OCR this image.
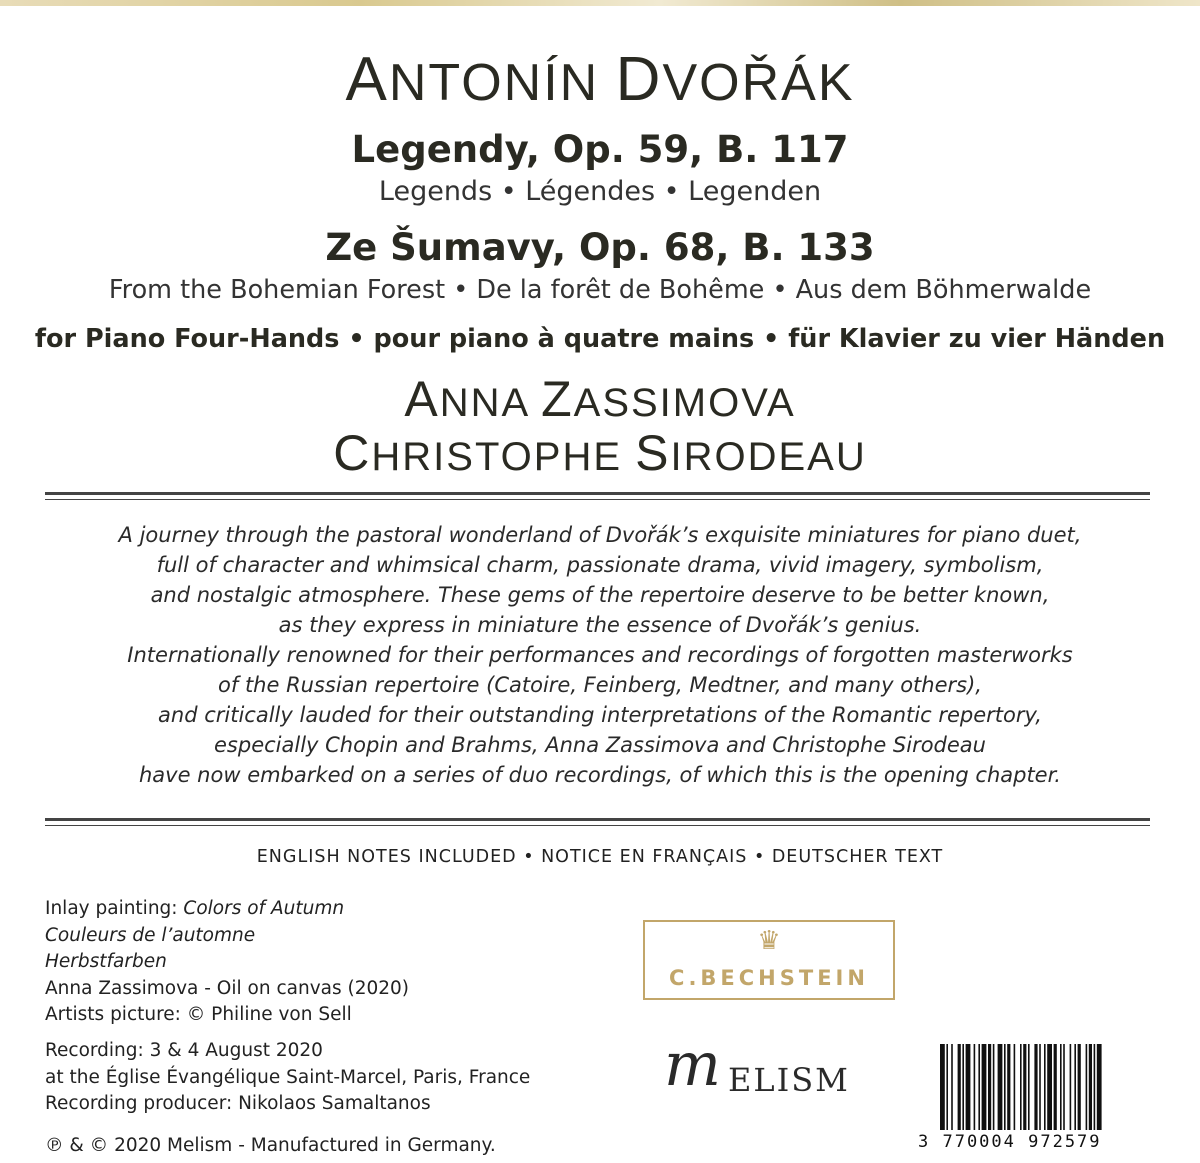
ANTONÍN DVOŘÁK
Legendy, Op. 59, B. 117
Legends • Légendes • Legenden
Ze Šumavy, Op. 68, B. 133
From the Bohemian Forest • De la forêt de Bohême • Aus dem Böhmerwalde
for Piano Four-Hands • pour piano à quatre mains • für Klavier zu vier Händen
ANNA ZASSIMOVA
CHRISTOPHE SIRODEAU
A journey through the pastoral wonderland of Dvořák’s exquisite miniatures for piano duet,
full of character and whimsical charm, passionate drama, vivid imagery, symbolism,
and nostalgic atmosphere. These gems of the repertoire deserve to be better known,
as they express in miniature the essence of Dvořák’s genius.
Internationally renowned for their performances and recordings of forgotten masterworks
of the Russian repertoire (Catoire, Feinberg, Medtner, and many others),
and critically lauded for their outstanding interpretations of the Romantic repertory,
especially Chopin and Brahms, Anna Zassimova and Christophe Sirodeau
have now embarked on a series of duo recordings, of which this is the opening chapter.
ENGLISH NOTES INCLUDED • NOTICE EN FRANÇAIS • DEUTSCHER TEXT
Inlay painting: Colors of Autumn
Couleurs de l’automne
Herbstfarben
Anna Zassimova - Oil on canvas (2020)
Artists picture: © Philine von Sell
Recording: 3 & 4 August 2020
at the Église Évangélique Saint-Marcel, Paris, France
Recording producer: Nikolaos Samaltanos
℗ & © 2020 Melism - Manufactured in Germany.
♛
C.BECHSTEIN
m ELISM
3 770004 972579
